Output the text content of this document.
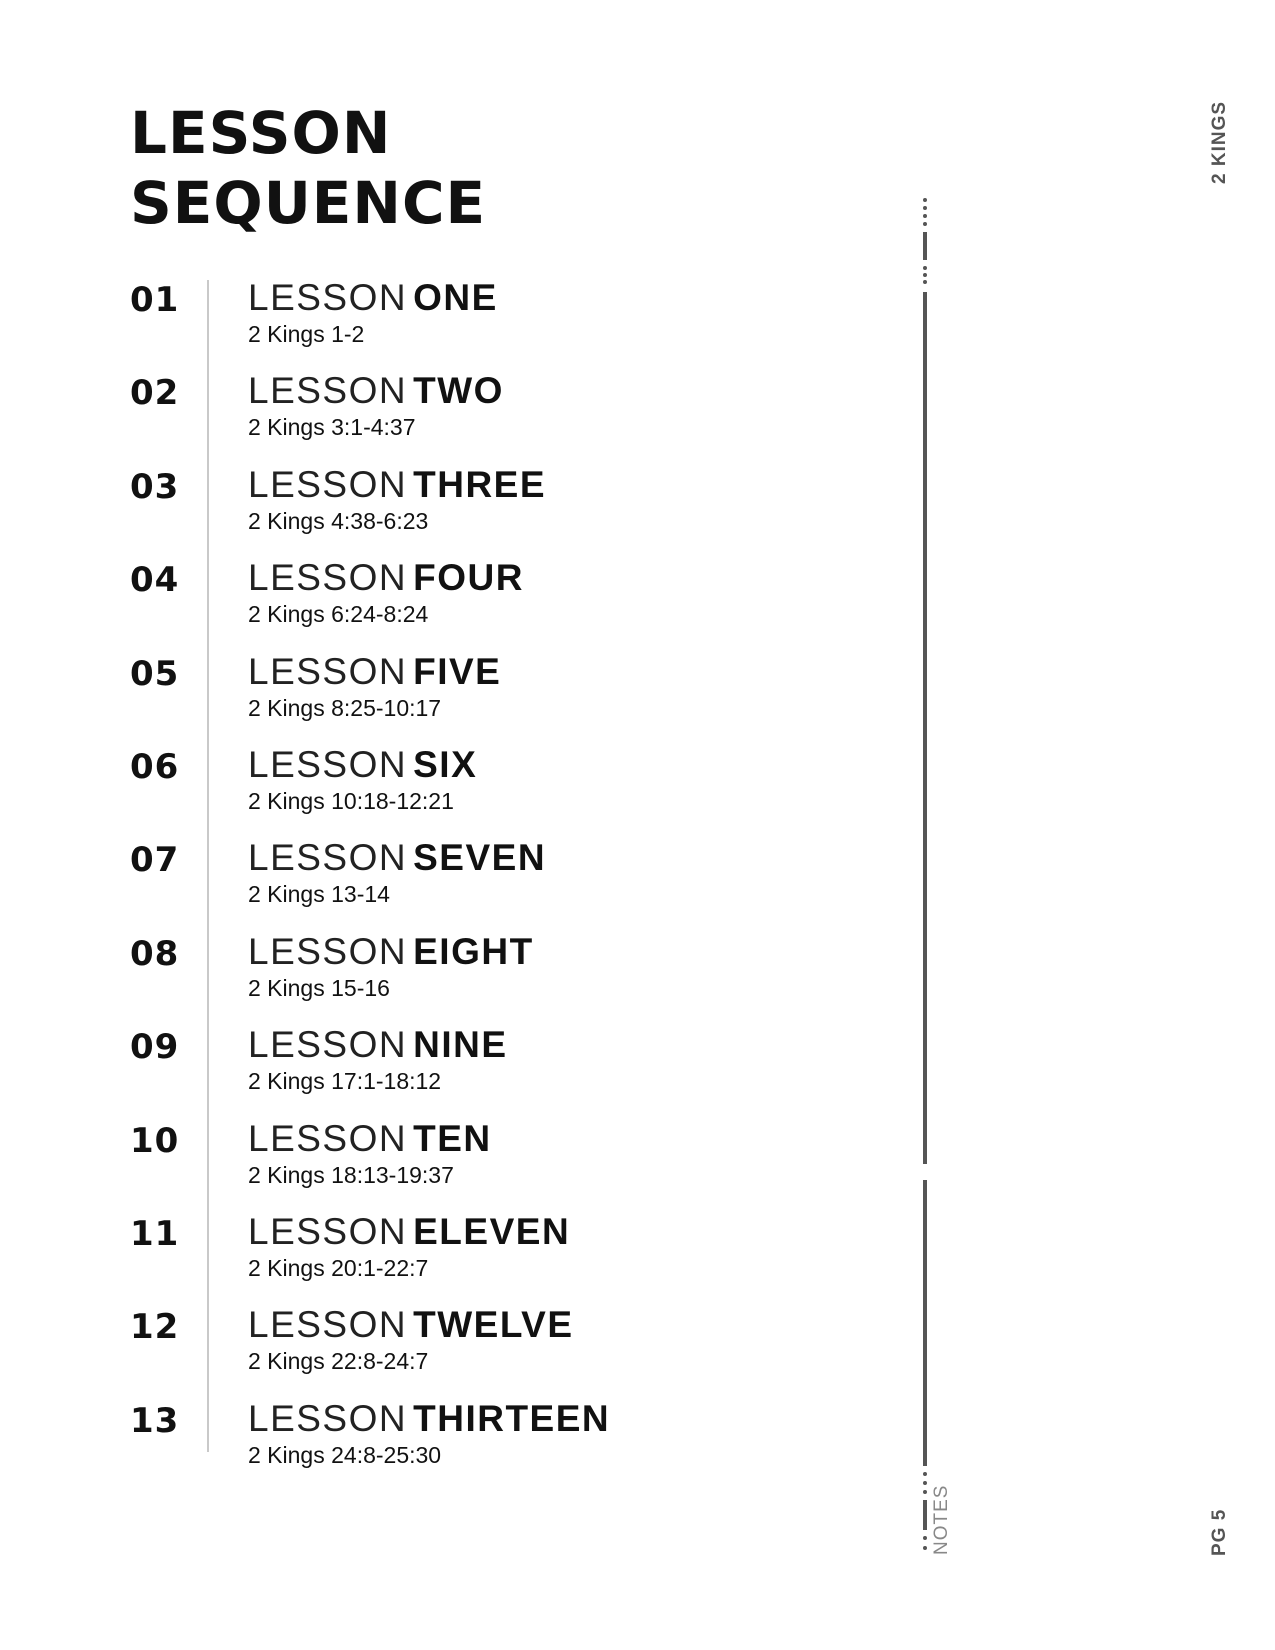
LESSON
SEQUENCE
01 LESSON ONE
2 Kings 1-2
02 LESSON TWO
2 Kings 3:1-4:37
03 LESSON THREE
2 Kings 4:38-6:23
04 LESSON FOUR
2 Kings 6:24-8:24
05 LESSON FIVE
2 Kings 8:25-10:17
06 LESSON SIX
2 Kings 10:18-12:21
07 LESSON SEVEN
2 Kings 13-14
08 LESSON EIGHT
2 Kings 15-16
09 LESSON NINE
2 Kings 17:1-18:12
10 LESSON TEN
2 Kings 18:13-19:37
11 LESSON ELEVEN
2 Kings 20:1-22:7
12 LESSON TWELVE
2 Kings 22:8-24:7
13 LESSON THIRTEEN
2 Kings 24:8-25:30
NOTES
2 KINGS
PG 5
